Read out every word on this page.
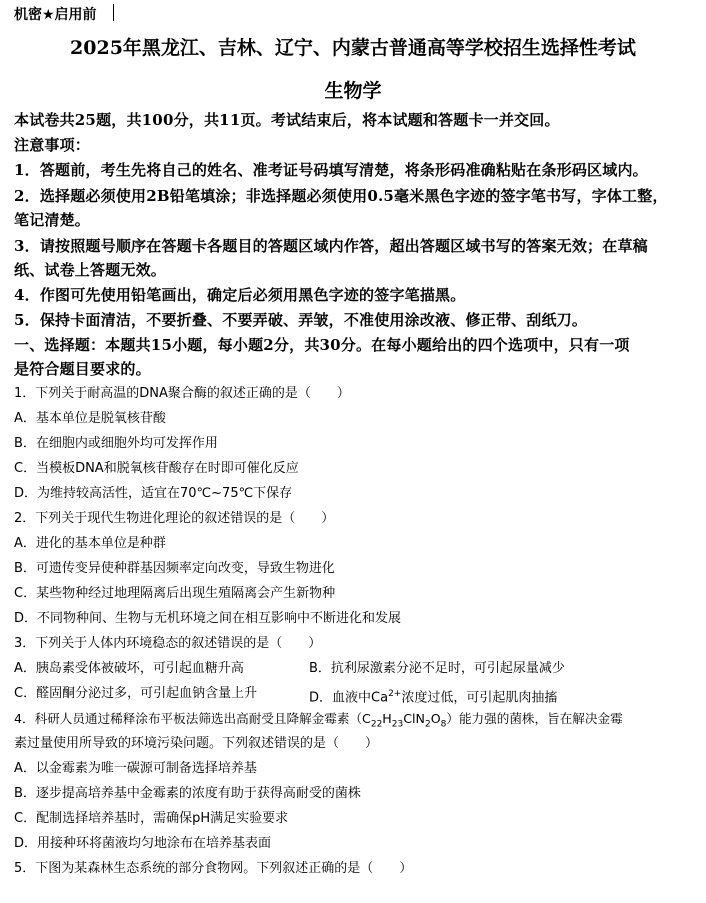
机密★启用前
2025年黑龙江、吉林、辽宁、内蒙古普通高等学校招生选择性考试
生物学
本试卷共25题，共100分，共11页。考试结束后，将本试题和答题卡一并交回。
注意事项：
1．答题前，考生先将自己的姓名、准考证号码填写清楚，将条形码准确粘贴在条形码区域内。
2．选择题必须使用2B铅笔填涂；非选择题必须使用0.5毫米黑色字迹的签字笔书写，字体工整，
笔记清楚。
3．请按照题号顺序在答题卡各题目的答题区域内作答，超出答题区域书写的答案无效；在草稿
纸、试卷上答题无效。
4．作图可先使用铅笔画出，确定后必须用黑色字迹的签字笔描黑。
5．保持卡面清洁，不要折叠、不要弄破、弄皱，不准使用涂改液、修正带、刮纸刀。
一、选择题：本题共15小题，每小题2分，共30分。在每小题给出的四个选项中，只有一项
是符合题目要求的。
1．下列关于耐高温的DNA聚合酶的叙述正确的是（　　）
A．基本单位是脱氧核苷酸
B．在细胞内或细胞外均可发挥作用
C．当模板DNA和脱氧核苷酸存在时即可催化反应
D．为维持较高活性，适宜在70℃~75℃下保存
2．下列关于现代生物进化理论的叙述错误的是（　　）
A．进化的基本单位是种群
B．可遗传变异使种群基因频率定向改变，导致生物进化
C．某些物种经过地理隔离后出现生殖隔离会产生新物种
D．不同物种间、生物与无机环境之间在相互影响中不断进化和发展
3．下列关于人体内环境稳态的叙述错误的是（　　）
A．胰岛素受体被破坏，可引起血糖升高	B．抗利尿激素分泌不足时，可引起尿量减少
C．醛固酮分泌过多，可引起血钠含量上升	D．血液中$Ca^{2+}$浓度过低，可引起肌肉抽搐
4．科研人员通过稀释涂布平板法筛选出高耐受且降解金霉素$(C_{22}H_{23}ClN_2O_8)$能力强的菌株，旨在解决金霉
素过量使用所导致的环境污染问题。下列叙述错误的是（　　）
A．以金霉素为唯一碳源可制备选择培养基
B．逐步提高培养基中金霉素的浓度有助于获得高耐受的菌株
C．配制选择培养基时，需确保pH满足实验要求
D．用接种环将菌液均匀地涂布在培养基表面
5．下图为某森林生态系统的部分食物网。下列叙述正确的是（　　）
